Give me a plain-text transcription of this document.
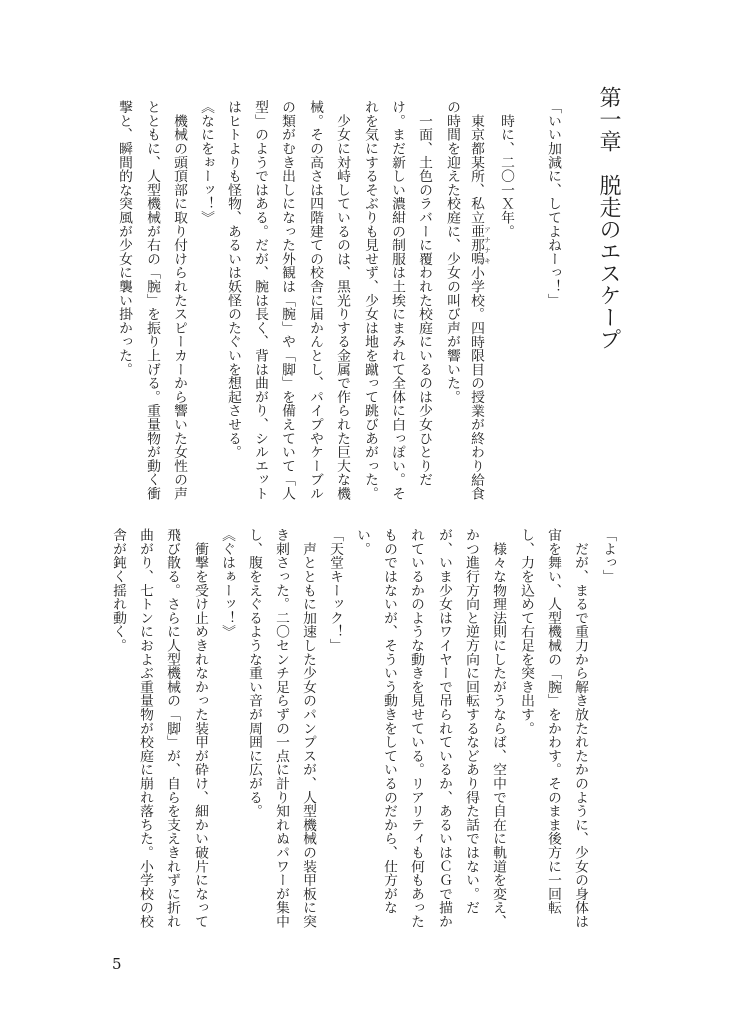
第一章　脱走のエスケープ
「いい加減に、してよねーっ！」
　時に、二〇一Ｘ年。
　東京都某所、私立亜那鳴 アナナキ小学校。四時限目の授業が終わり給食
の時間を迎えた校庭に、少女の叫び声が響いた。
　一面、土色のラバーに覆われた校庭にいるのは少女ひとりだ
け。まだ新しい濃紺の制服は土埃にまみれて全体に白っぽい。そ
れを気にするそぶりも見せず、少女は地を蹴って跳びあがった。
　少女に対峙しているのは、黒光りする金属で作られた巨大な機
械。その高さは四階建ての校舎に届かんとし、パイプやケーブル
の類がむき出しになった外観は「腕」や「脚」を備えていて「人
型」のようではある。だが、腕は長く、背は曲がり、シルエット
はヒトよりも怪物、あるいは妖怪のたぐいを想起させる。
《なにをぉーッ！》
　機械の頭頂部に取り付けられたスピーカーから響いた女性の声
とともに、人型機械が右の「腕」を振り上げる。重量物が動く衝
撃と、瞬間的な突風が少女に襲い掛かった。
「よっ」
　だが、まるで重力から解き放たれたかのように、少女の身体は
宙を舞い、人型機械の「腕」をかわす。そのまま後方に一回転
し、力を込めて右足を突き出す。
　様々な物理法則にしたがうならば、空中で自在に軌道を変え、
かつ進行方向と逆方向に回転するなどあり得た話ではない。だ
が、いま少女はワイヤーで吊られているか、あるいはＣＧで描か
れているかのような動きを見せている。リアリティも何もあった
ものではないが、そういう動きをしているのだから、仕方がな
い。
「天堂キーック！」
　声とともに加速した少女のパンプスが、人型機械の装甲板に突
き刺さった。二〇センチ足らずの一点に計り知れぬパワーが集中
し、腹をえぐるような重い音が周囲に広がる。
《ぐはぁーッ！》
　衝撃を受け止めきれなかった装甲が砕け、細かい破片になって
飛び散る。さらに人型機械の「脚」が、自らを支えきれずに折れ
曲がり、七トンにおよぶ重量物が校庭に崩れ落ちた。小学校の校
舎が鈍く揺れ動く。
5
